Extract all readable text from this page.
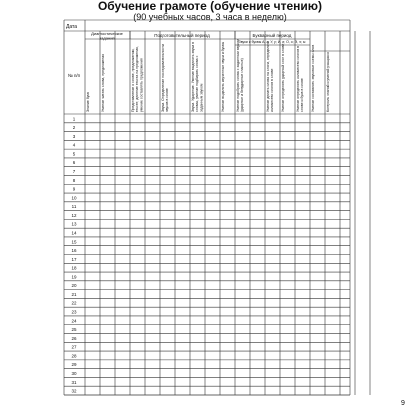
Обучение грамоте (обучение чтению)
(90 учебных часов, 3 часа в неделю)
Дата
Диагностические задания	Подготовительный период	Букварный период
Звуки и буквы А, а; У, у; И, и; О, о; Э, э; ы
№ п/п
Знание букв	Умение читать слова, предложения	Представление о слове, предложении, тексте; деление текста на предложения, умение составлять предложения	Звуки. Определение последовательности звуков в слове	Звуки. Ударение. Умение выделять звуки в словах, умение подбирать слова с заданным звуком	Умение выделять изученные звуки и буквы	Умение подобрать слова с заданным звуком (ударные и безударные гласные)	Умение делить слова на слоги, определять количество слогов в слове Умение определять ударный слог в слове	Умение определять количество слогов в слове и букв в слове Умение составлять звуковые схемы слов	Контроль знаний и умений учащихся
1
2
3
4
5
6
7
8
9
10
11
12
13
14
15
16
17
18
19
20
21
22
23
24
25
26
27
28
29
30
31
32
9
